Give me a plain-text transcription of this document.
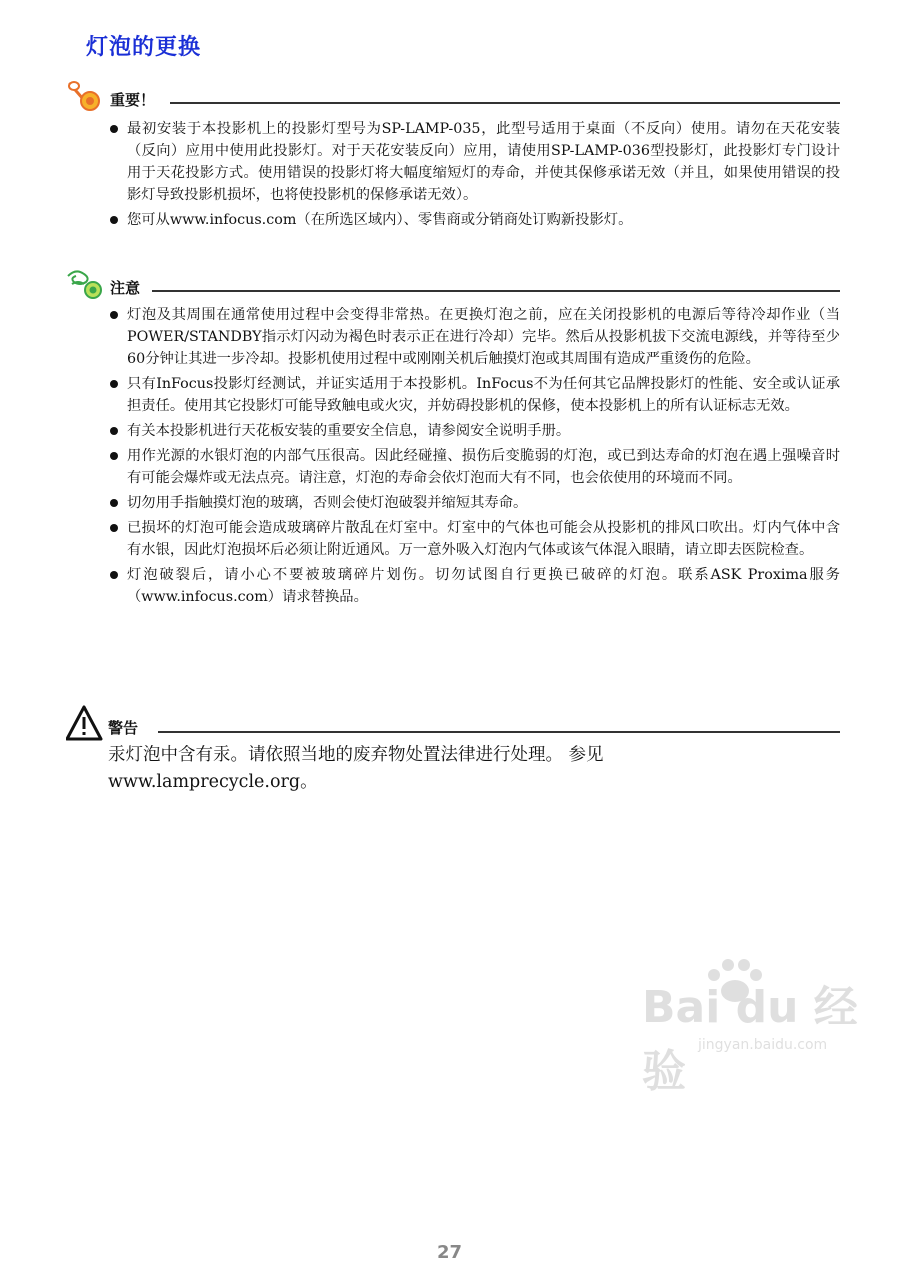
灯泡的更换
重要！
最初安装于本投影机上的投影灯型号为SP-LAMP-035，此型号适用于桌面（不反向）使用。请勿在天花安装（反向）应用中使用此投影灯。对于天花安装反向）应用，请使用SP-LAMP-036型投影灯，此投影灯专门设计用于天花投影方式。使用错误的投影灯将大幅度缩短灯的寿命，并使其保修承诺无效（并且，如果使用错误的投影灯导致投影机损坏，也将使投影机的保修承诺无效）。
您可从www.infocus.com（在所选区域内）、零售商或分销商处订购新投影灯。
注意
灯泡及其周围在通常使用过程中会变得非常热。在更换灯泡之前，应在关闭投影机的电源后等待冷却作业（当POWER/STANDBY指示灯闪动为褐色时表示正在进行冷却）完毕。然后从投影机拔下交流电源线，并等待至少60分钟让其进一步冷却。投影机使用过程中或刚刚关机后触摸灯泡或其周围有造成严重烫伤的危险。
只有InFocus投影灯经测试，并证实适用于本投影机。InFocus不为任何其它品牌投影灯的性能、安全或认证承担责任。使用其它投影灯可能导致触电或火灾，并妨碍投影机的保修，使本投影机上的所有认证标志无效。
有关本投影机进行天花板安装的重要安全信息，请参阅安全说明手册。
用作光源的水银灯泡的内部气压很高。因此经碰撞、损伤后变脆弱的灯泡，或已到达寿命的灯泡在遇上强噪音时有可能会爆炸或无法点亮。请注意，灯泡的寿命会依灯泡而大有不同，也会依使用的环境而不同。
切勿用手指触摸灯泡的玻璃，否则会使灯泡破裂并缩短其寿命。
已损坏的灯泡可能会造成玻璃碎片散乱在灯室中。灯室中的气体也可能会从投影机的排风口吹出。灯内气体中含有水银，因此灯泡损坏后必须让附近通风。万一意外吸入灯泡内气体或该气体混入眼睛，请立即去医院检查。
灯泡破裂后，请小心不要被玻璃碎片划伤。切勿试图自行更换已破碎的灯泡。联系ASK Proxima服务（www.infocus.com）请求替换品。
警告
汞灯泡中含有汞。请依照当地的废弃物处置法律进行处理。 参见www.lamprecycle.org。
Bai du 经验
jingyan.baidu.com
27
